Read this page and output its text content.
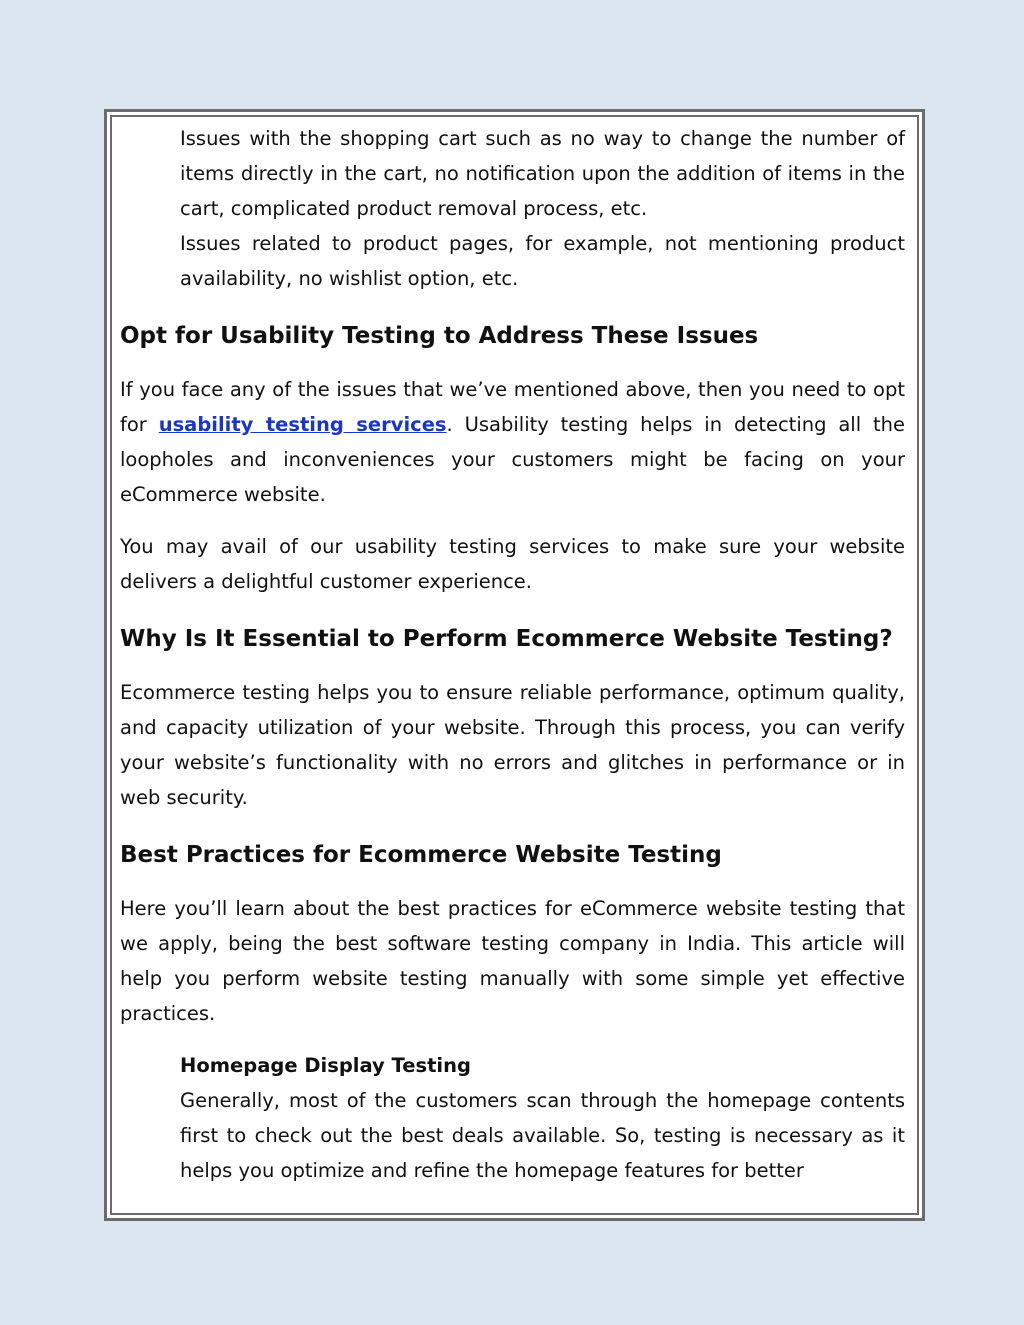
Issues with the shopping cart such as no way to change the number of items directly in the cart, no notification upon the addition of items in the cart, complicated product removal process, etc.

Issues related to product pages, for example, not mentioning product availability, no wishlist option, etc.

Opt for Usability Testing to Address These Issues

If you face any of the issues that we’ve mentioned above, then you need to opt for usability testing services. Usability testing helps in detecting all the loopholes and inconveniences your customers might be facing on your eCommerce website.

You may avail of our usability testing services to make sure your website delivers a delightful customer experience.

Why Is It Essential to Perform Ecommerce Website Testing?

Ecommerce testing helps you to ensure reliable performance, optimum quality, and capacity utilization of your website. Through this process, you can verify your website’s functionality with no errors and glitches in performance or in web security.

Best Practices for Ecommerce Website Testing

Here you’ll learn about the best practices for eCommerce website testing that we apply, being the best software testing company in India. This article will help you perform website testing manually with some simple yet effective practices.

Homepage Display Testing

Generally, most of the customers scan through the homepage contents first to check out the best deals available. So, testing is necessary as it helps you optimize and refine the homepage features for better
